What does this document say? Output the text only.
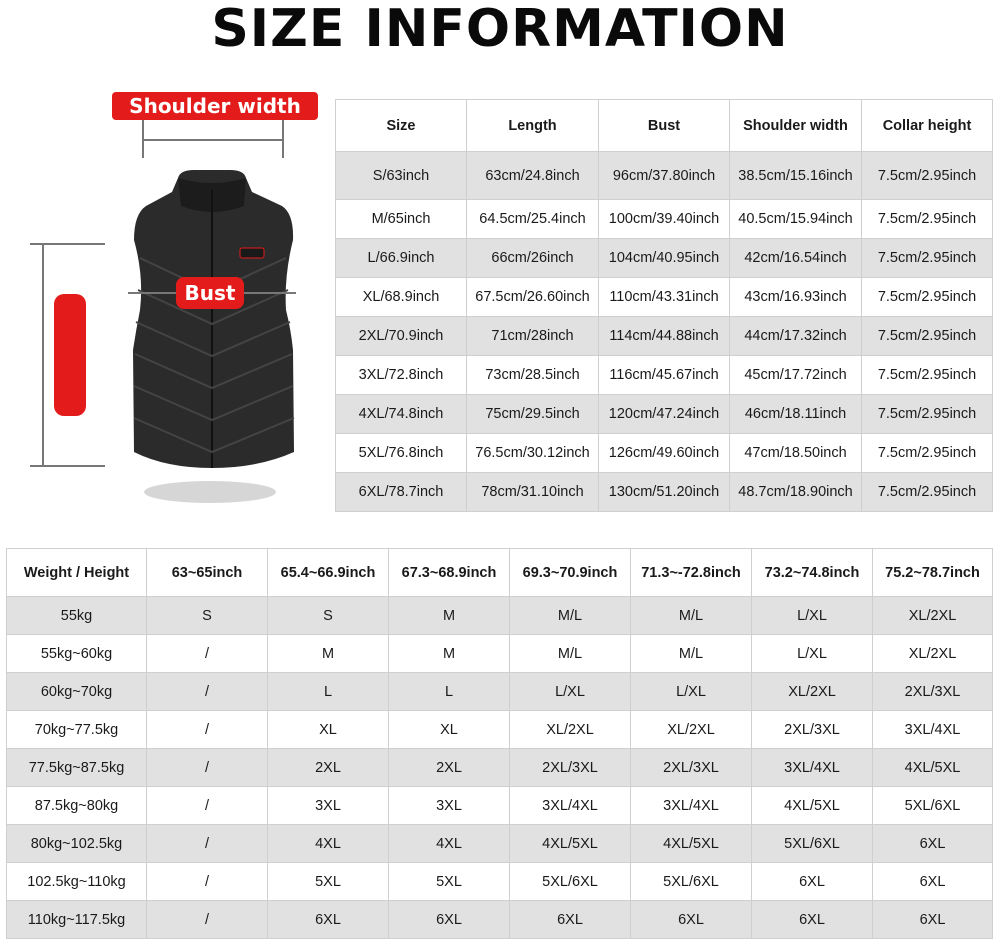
SIZE INFORMATION
Shoulder width
Bust
Size	Length	Bust	Shoulder width	Collar height
S/63inch	63cm/24.8inch	96cm/37.80inch	38.5cm/15.16inch	7.5cm/2.95inch
M/65inch	64.5cm/25.4inch	100cm/39.40inch	40.5cm/15.94inch	7.5cm/2.95inch
L/66.9inch	66cm/26inch	104cm/40.95inch	42cm/16.54inch	7.5cm/2.95inch
XL/68.9inch	67.5cm/26.60inch	110cm/43.31inch	43cm/16.93inch	7.5cm/2.95inch
2XL/70.9inch	71cm/28inch	114cm/44.88inch	44cm/17.32inch	7.5cm/2.95inch
3XL/72.8inch	73cm/28.5inch	116cm/45.67inch	45cm/17.72inch	7.5cm/2.95inch
4XL/74.8inch	75cm/29.5inch	120cm/47.24inch	46cm/18.11inch	7.5cm/2.95inch
5XL/76.8inch	76.5cm/30.12inch	126cm/49.60inch	47cm/18.50inch	7.5cm/2.95inch
6XL/78.7inch	78cm/31.10inch	130cm/51.20inch	48.7cm/18.90inch	7.5cm/2.95inch
Weight / Height	63~65inch	65.4~66.9inch	67.3~68.9inch	69.3~70.9inch	71.3~-72.8inch	73.2~74.8inch	75.2~78.7inch
55kg	S	S	M	M/L	M/L	L/XL	XL/2XL
55kg~60kg	/	M	M	M/L	M/L	L/XL	XL/2XL
60kg~70kg	/	L	L	L/XL	L/XL	XL/2XL	2XL/3XL
70kg~77.5kg	/	XL	XL	XL/2XL	XL/2XL	2XL/3XL	3XL/4XL
77.5kg~87.5kg	/	2XL	2XL	2XL/3XL	2XL/3XL	3XL/4XL	4XL/5XL
87.5kg~80kg	/	3XL	3XL	3XL/4XL	3XL/4XL	4XL/5XL	5XL/6XL
80kg~102.5kg	/	4XL	4XL	4XL/5XL	4XL/5XL	5XL/6XL	6XL
102.5kg~110kg	/	5XL	5XL	5XL/6XL	5XL/6XL	6XL	6XL
110kg~117.5kg	/	6XL	6XL	6XL	6XL	6XL	6XL
